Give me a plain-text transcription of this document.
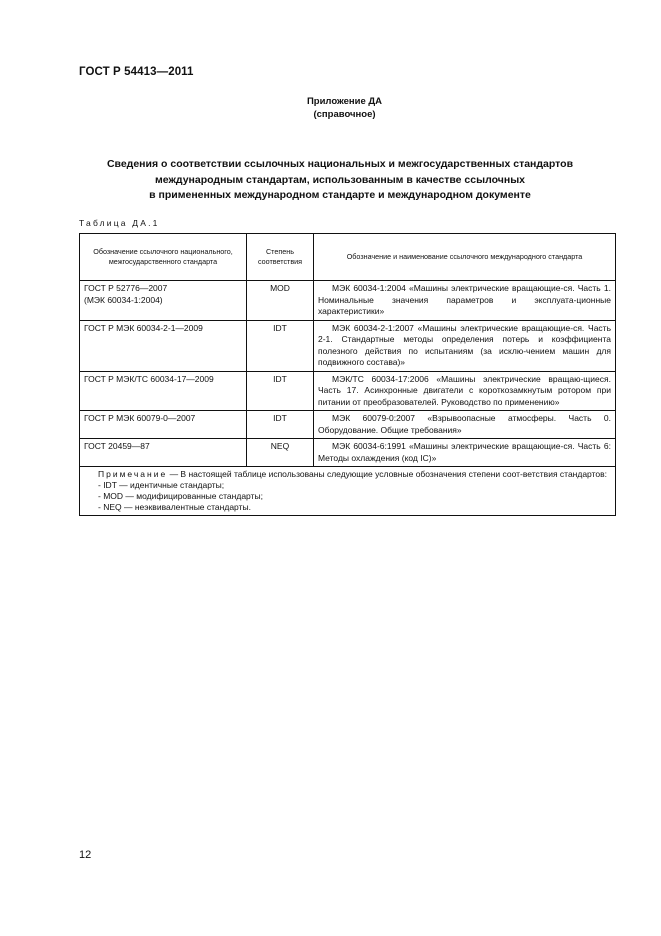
ГОСТ Р 54413—2011
Приложение ДА
(справочное)
Сведения о соответствии ссылочных национальных и межгосударственных стандартов
международным стандартам, использованным в качестве ссылочных
в примененных международном стандарте и международном документе
Таблица ДА.1
Обозначение ссылочного национального, межгосударственного стандарта	Степень соответствия	Обозначение и наименование ссылочного международного стандарта

ГОСТ Р 52776—2007
(МЭК 60034-1:2004)	MOD	МЭК 60034-1:2004 «Машины электрические вращающие-ся. Часть 1. Номинальные значения параметров и эксплуата-ционные характеристики»

ГОСТ Р МЭК 60034-2-1—2009	IDT	МЭК 60034-2-1:2007 «Машины электрические вращающие-ся. Часть 2-1. Стандартные методы определения потерь и коэффициента полезного действия по испытаниям (за исклю-чением машин для подвижного состава)»

ГОСТ Р МЭК/ТС 60034-17—2009	IDT	МЭК/ТС 60034-17:2006 «Машины электрические вращаю-щиеся. Часть 17. Асинхронные двигатели с короткозамкнутым ротором при питании от преобразователей. Руководство по применению»

ГОСТ Р МЭК 60079-0—2007	IDT	МЭК 60079-0:2007 «Взрывоопасные атмосферы. Часть 0. Оборудование. Общие требования»

ГОСТ 20459—87	NEQ	МЭК 60034-6:1991 «Машины электрические вращающие-ся. Часть 6: Методы охлаждения (код IC)»

Примечание — В настоящей таблице использованы следующие условные обозначения степени соот-ветствия стандартов:
- IDT — идентичные стандарты;
- MOD — модифицированные стандарты;
- NEQ — неэквивалентные стандарты.		
12
